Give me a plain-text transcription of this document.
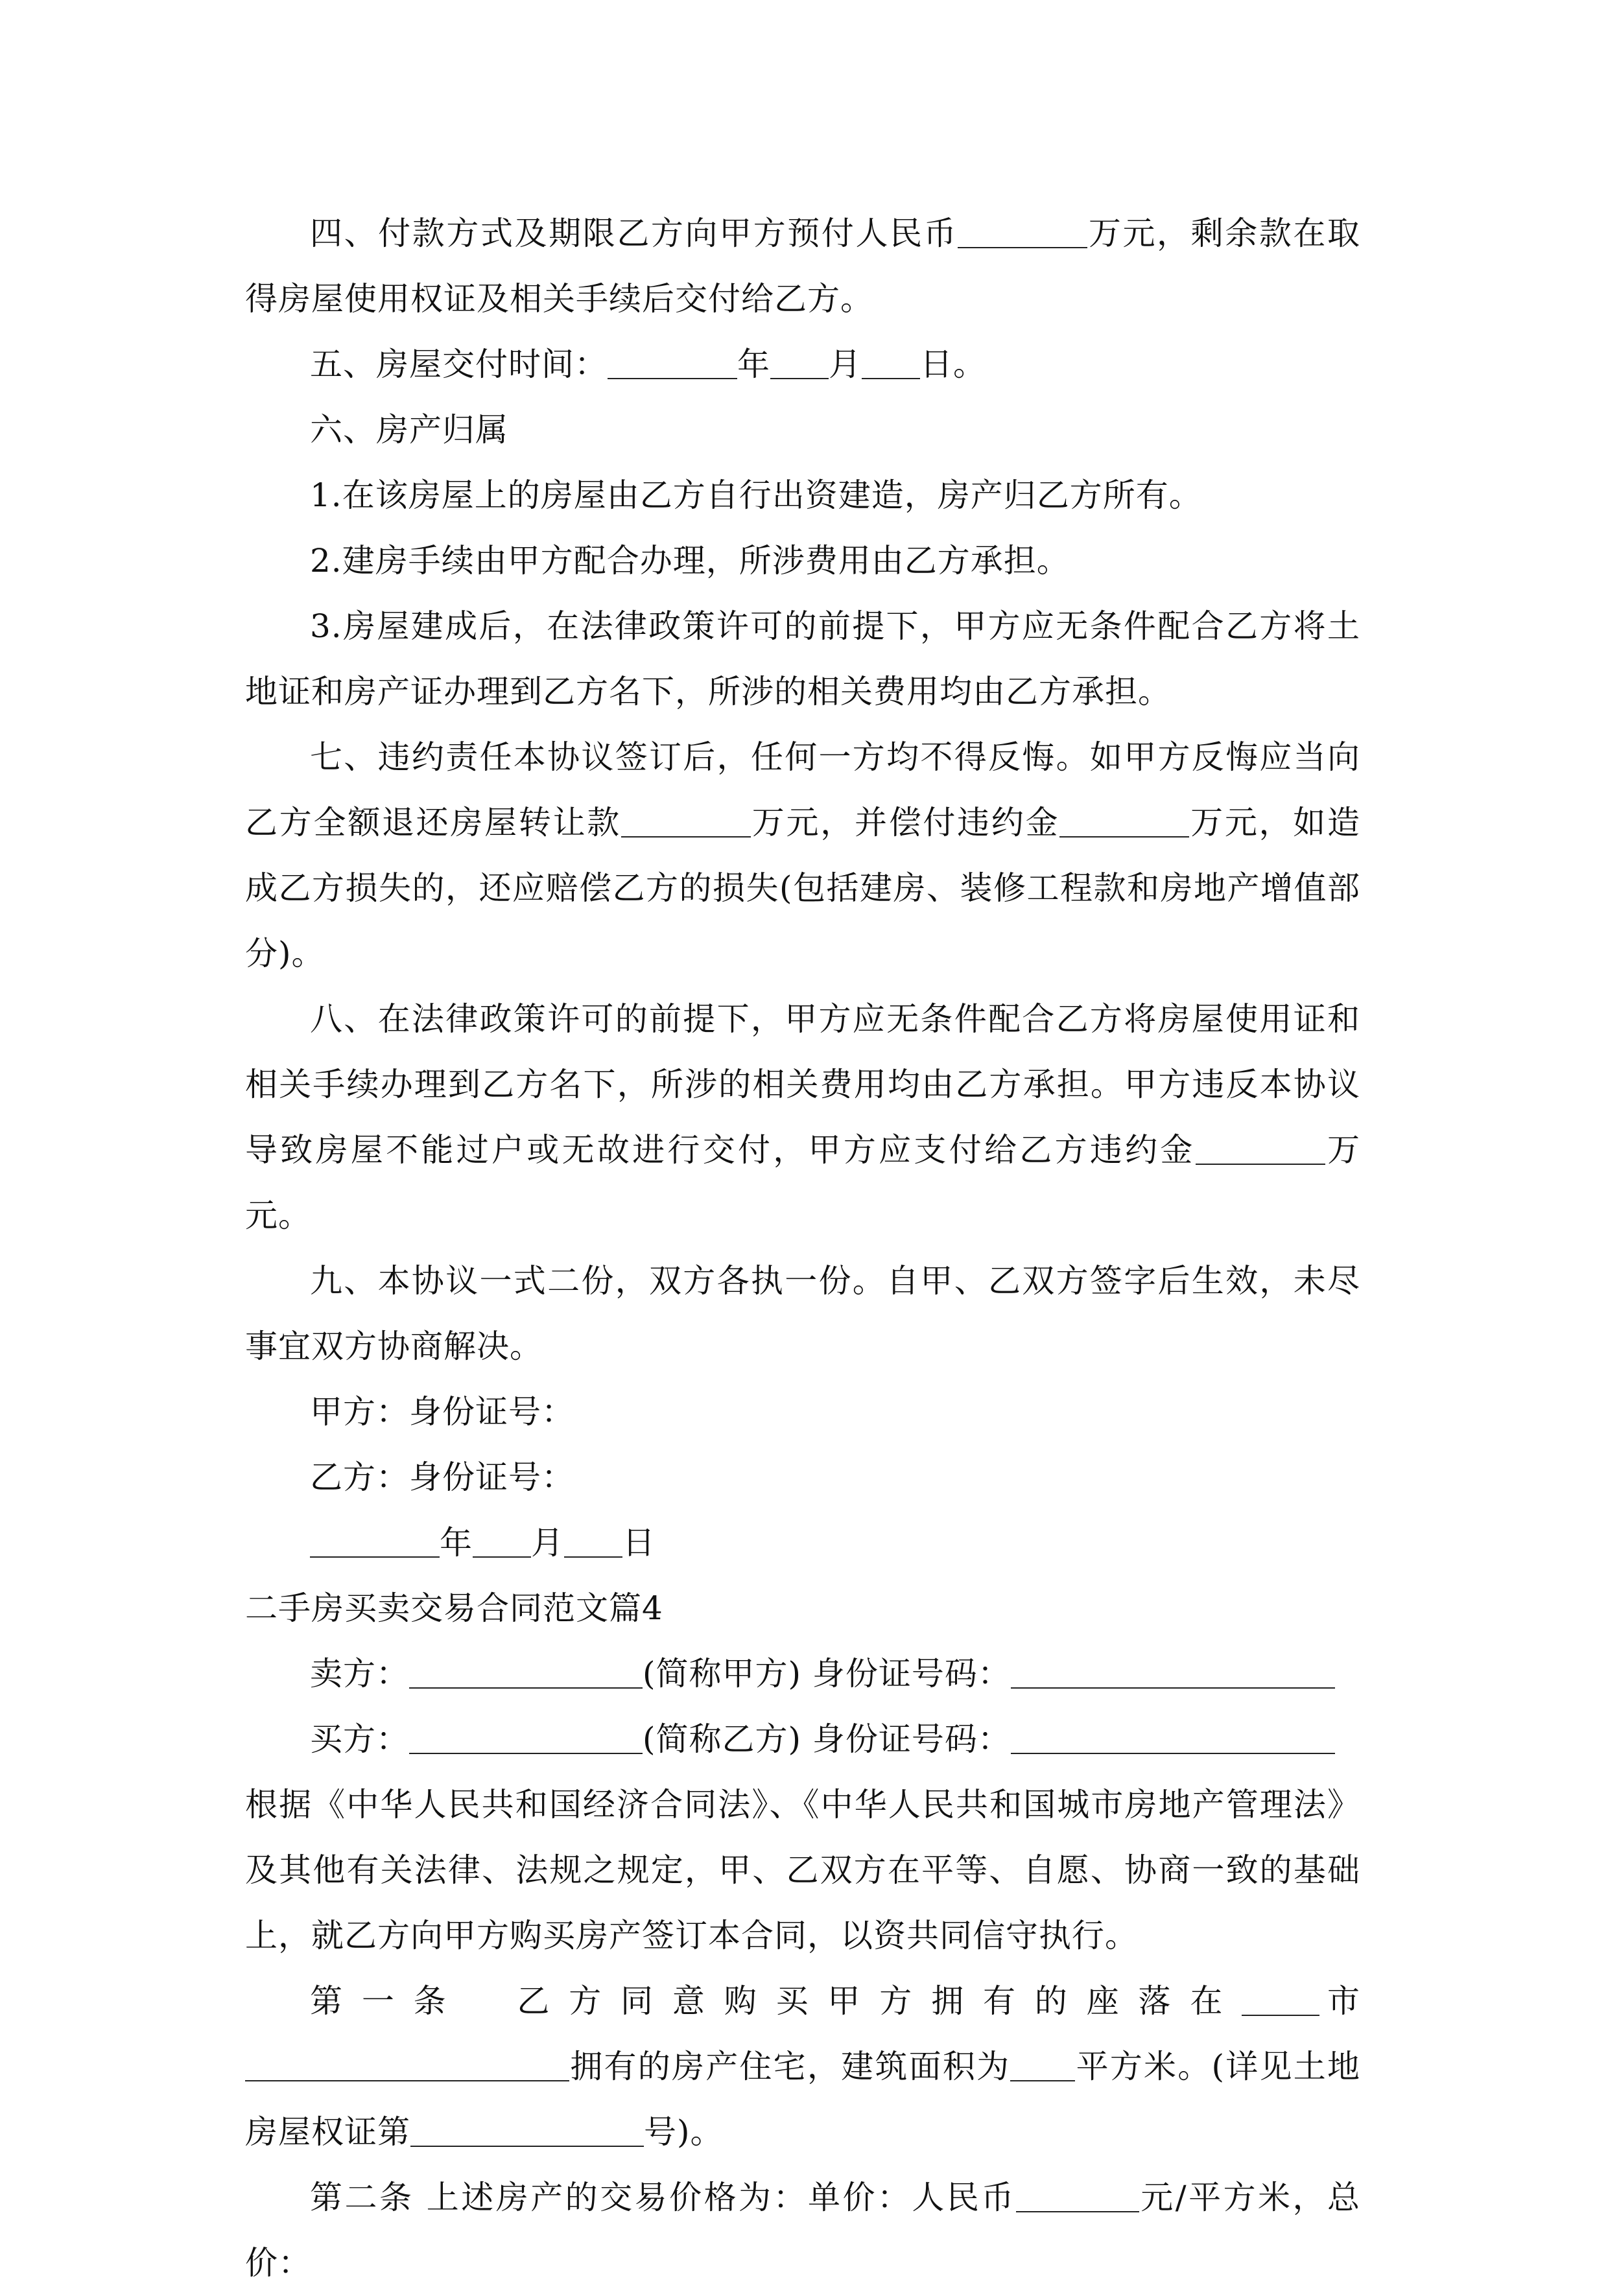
四、付款方式及期限乙方向甲方预付人民币	万元，剩余款在取得房屋使用权证及相关手续后交付给乙方。

五、房屋交付时间：	年 月 日。

六、房产归属

1.在该房屋上的房屋由乙方自行出资建造，房产归乙方所有。

2.建房手续由甲方配合办理，所涉费用由乙方承担。

3.房屋建成后，在法律政策许可的前提下，甲方应无条件配合乙方将土地证和房产证办理到乙方名下，所涉的相关费用均由乙方承担。

七、违约责任本协议签订后，任何一方均不得反悔。如甲方反悔应当向乙方全额退还房屋转让款	万元，并偿付违约金	万元，如造成乙方损失的，还应赔偿乙方的损失(包括建房、装修工程款和房地产增值部分)。

八、在法律政策许可的前提下，甲方应无条件配合乙方将房屋使用证和相关手续办理到乙方名下，所涉的相关费用均由乙方承担。甲方违反本协议导致房屋不能过户或无故进行交付，甲方应支付给乙方违约金	万元。

九、本协议一式二份，双方各执一份。自甲、乙双方签字后生效，未尽事宜双方协商解决。

甲方：身份证号：

乙方：身份证号：

年 月 日

二手房买卖交易合同范文篇4

卖方：	(简称甲方) 身份证号码：

买方：	(简称乙方) 身份证号码：

根据《中华人民共和国经济合同法》、《中华人民共和国城市房地产管理法》及其他有关法律、法规之规定，甲、乙双方在平等、自愿、协商一致的基础上，就乙方向甲方购买房产签订本合同，以资共同信守执行。

第一条　乙方同意购买甲方拥有的座落在 市 拥有的房产住宅，建筑面积为 平方米。(详见土地房屋权证第	号)。

第二条 上述房产的交易价格为：单价：人民币	元/平方米，总价：
